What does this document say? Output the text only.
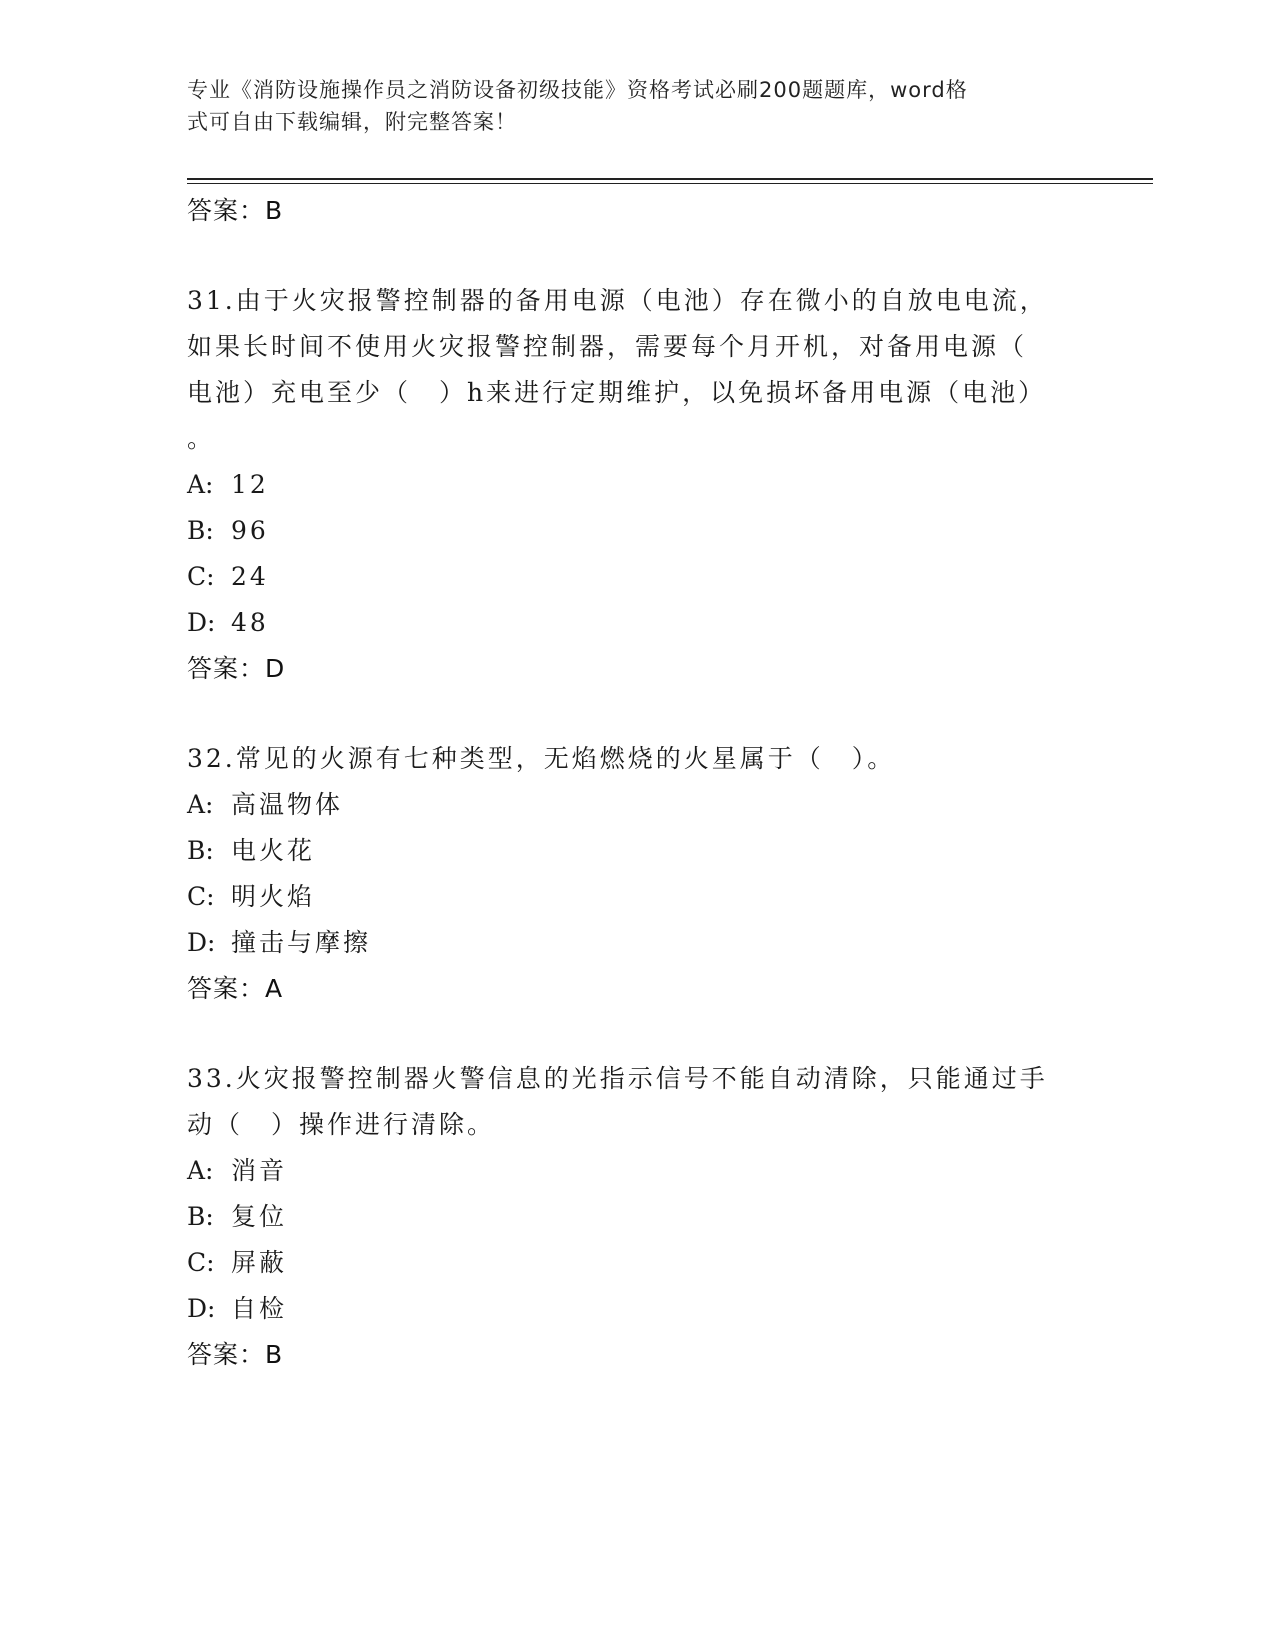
专业《消防设施操作员之消防设备初级技能》资格考试必刷200题题库，word格
式可自由下载编辑，附完整答案！
答案：B
31.由于火灾报警控制器的备用电源（电池）存在微小的自放电电流，
如果长时间不使用火灾报警控制器，需要每个月开机，对备用电源（
电池）充电至少（　）h来进行定期维护，以免损坏备用电源（电池）
。
A: 12
B: 96
C: 24
D: 48
答案：D
32.常见的火源有七种类型，无焰燃烧的火星属于（　）。
A: 高温物体
B: 电火花
C: 明火焰
D: 撞击与摩擦
答案：A
33.火灾报警控制器火警信息的光指示信号不能自动清除，只能通过手
动（　）操作进行清除。
A: 消音
B: 复位
C: 屏蔽
D: 自检
答案：B
